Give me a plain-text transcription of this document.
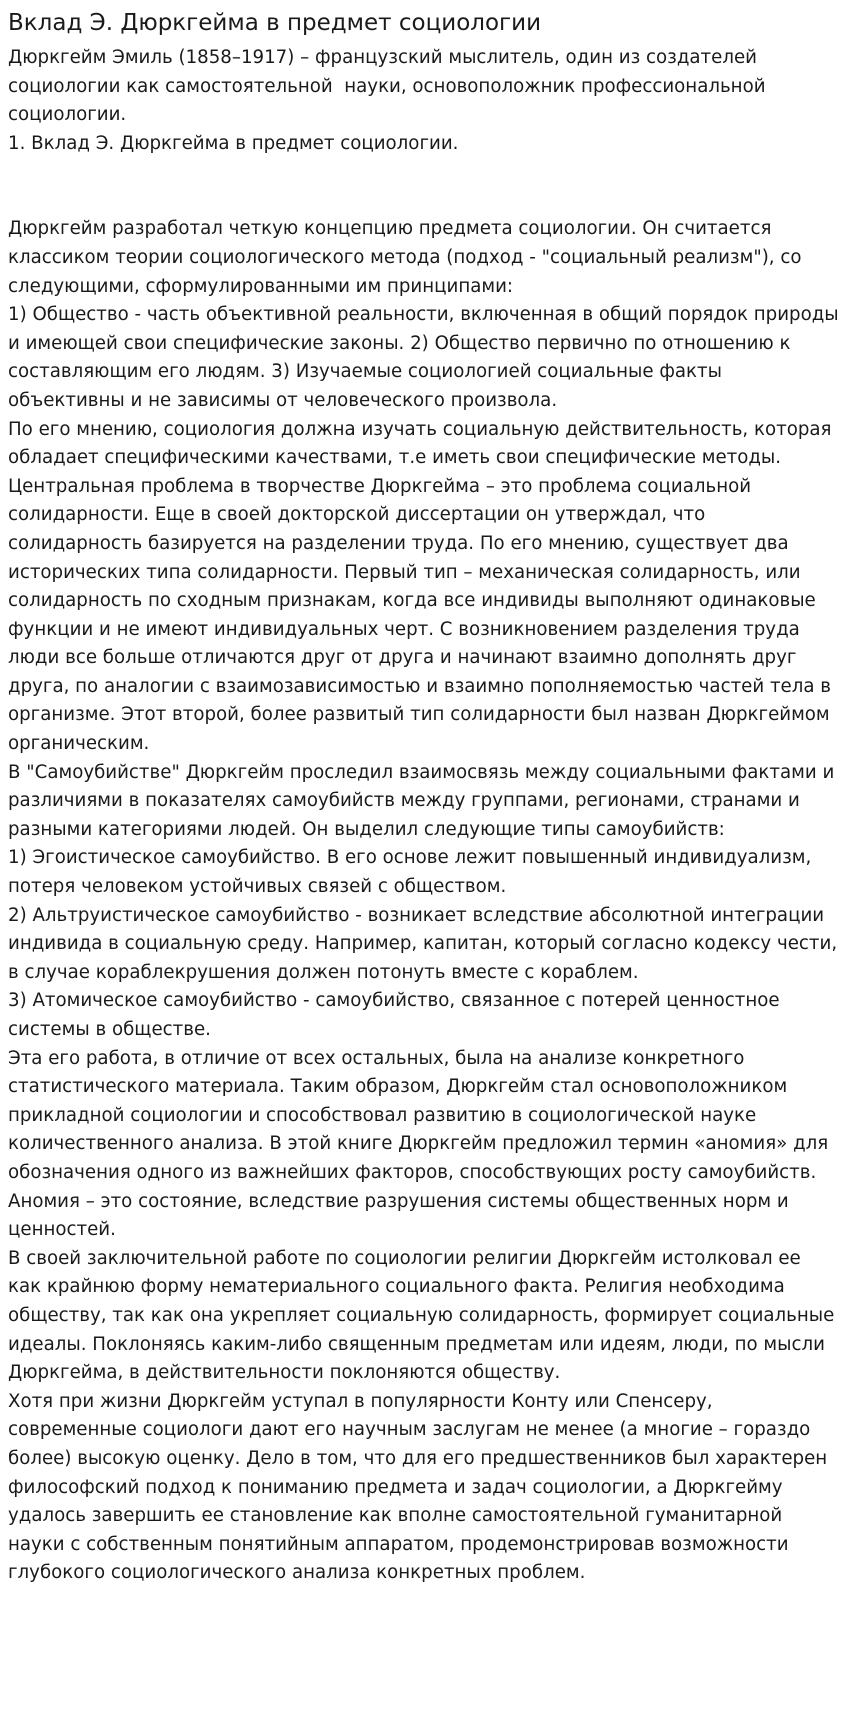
Вклад Э. Дюркгейма в предмет социологии

Дюркгейм Эмиль (1858–1917) – французский мыслитель, один из создателей социологии как самостоятельной  науки, основоположник профессиональной социологии.

1. Вклад Э. Дюркгейма в предмет социологии.

Дюркгейм разработал четкую концепцию предмета социологии. Он считается классиком теории социологического метода (подход - "социальный реализм"), со следующими, сформулированными им принципами:

1) Общество - часть объективной реальности, включенная в общий порядок природы и имеющей свои специфические законы. 2) Общество первично по отношению к составляющим его людям. 3) Изучаемые социологией социальные факты объективны и не зависимы от человеческого произвола.

По его мнению, социология должна изучать социальную действительность, которая обладает специфическими качествами, т.е иметь свои специфические методы.

Центральная проблема в творчестве Дюркгейма – это проблема социальной солидарности. Еще в своей докторской диссертации он утверждал, что солидарность базируется на разделении труда. По его мнению, существует два исторических типа солидарности. Первый тип – механическая солидарность, или солидарность по сходным признакам, когда все индивиды выполняют одинаковые функции и не имеют индивидуальных черт. С возникновением разделения труда люди все больше отличаются друг от друга и начинают взаимно дополнять друг друга, по аналогии с взаимозависимостью и взаимно пополняемостью частей тела в организме. Этот второй, более развитый тип солидарности был назван Дюркгеймом органическим.

В "Самоубийстве" Дюркгейм проследил взаимосвязь между социальными фактами и различиями в показателях самоубийств между группами, регионами, странами и разными категориями людей. Он выделил следующие типы самоубийств:

1) Эгоистическое самоубийство. В его основе лежит повышенный индивидуализм, потеря человеком устойчивых связей с обществом.

2) Альтруистическое самоубийство - возникает вследствие абсолютной интеграции индивида в социальную среду. Например, капитан, который согласно кодексу чести, в случае кораблекрушения должен потонуть вместе с кораблем.

3) Атомическое самоубийство - самоубийство, связанное с потерей ценностное системы в обществе.

Эта его работа, в отличие от всех остальных, была на анализе конкретного статистического материала. Таким образом, Дюркгейм стал основоположником прикладной социологии и способствовал развитию в социологической науке количественного анализа. В этой книге Дюркгейм предложил термин «аномия» для обозначения одного из важнейших факторов, способствующих росту самоубийств. Аномия – это состояние, вследствие разрушения системы общественных норм и ценностей.

В своей заключительной работе по социологии религии Дюркгейм истолковал ее как крайнюю форму нематериального социального факта. Религия необходима обществу, так как она укрепляет социальную солидарность, формирует социальные идеалы. Поклоняясь каким-либо священным предметам или идеям, люди, по мысли Дюркгейма, в действительности поклоняются обществу.

Хотя при жизни Дюркгейм уступал в популярности Конту или Спенсеру, современные социологи дают его научным заслугам не менее (а многие – гораздо более) высокую оценку. Дело в том, что для его предшественников был характерен философский подход к пониманию предмета и задач социологии, а Дюркгейму удалось завершить ее становление как вполне самостоятельной гуманитарной науки с собственным понятийным аппаратом, продемонстрировав возможности глубокого социологического анализа конкретных проблем.
